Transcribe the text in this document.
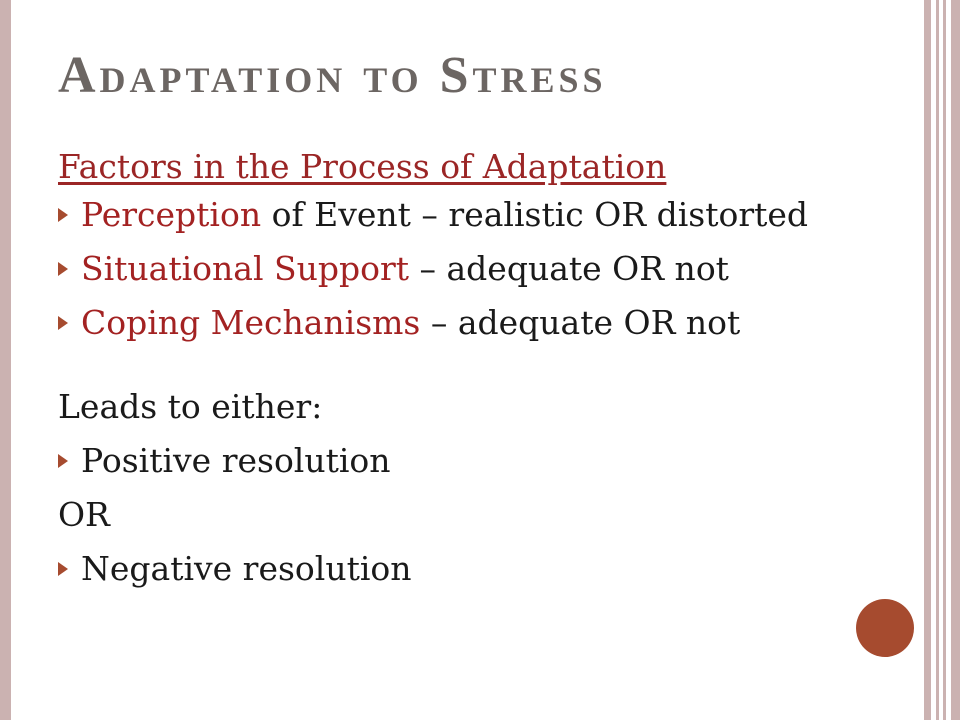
Adaptation to Stress

Factors in the Process of Adaptation

Perception of Event – realistic OR distorted
Situational Support – adequate OR not
Coping Mechanisms – adequate OR not

Leads to either:

Positive resolution

OR

Negative resolution
